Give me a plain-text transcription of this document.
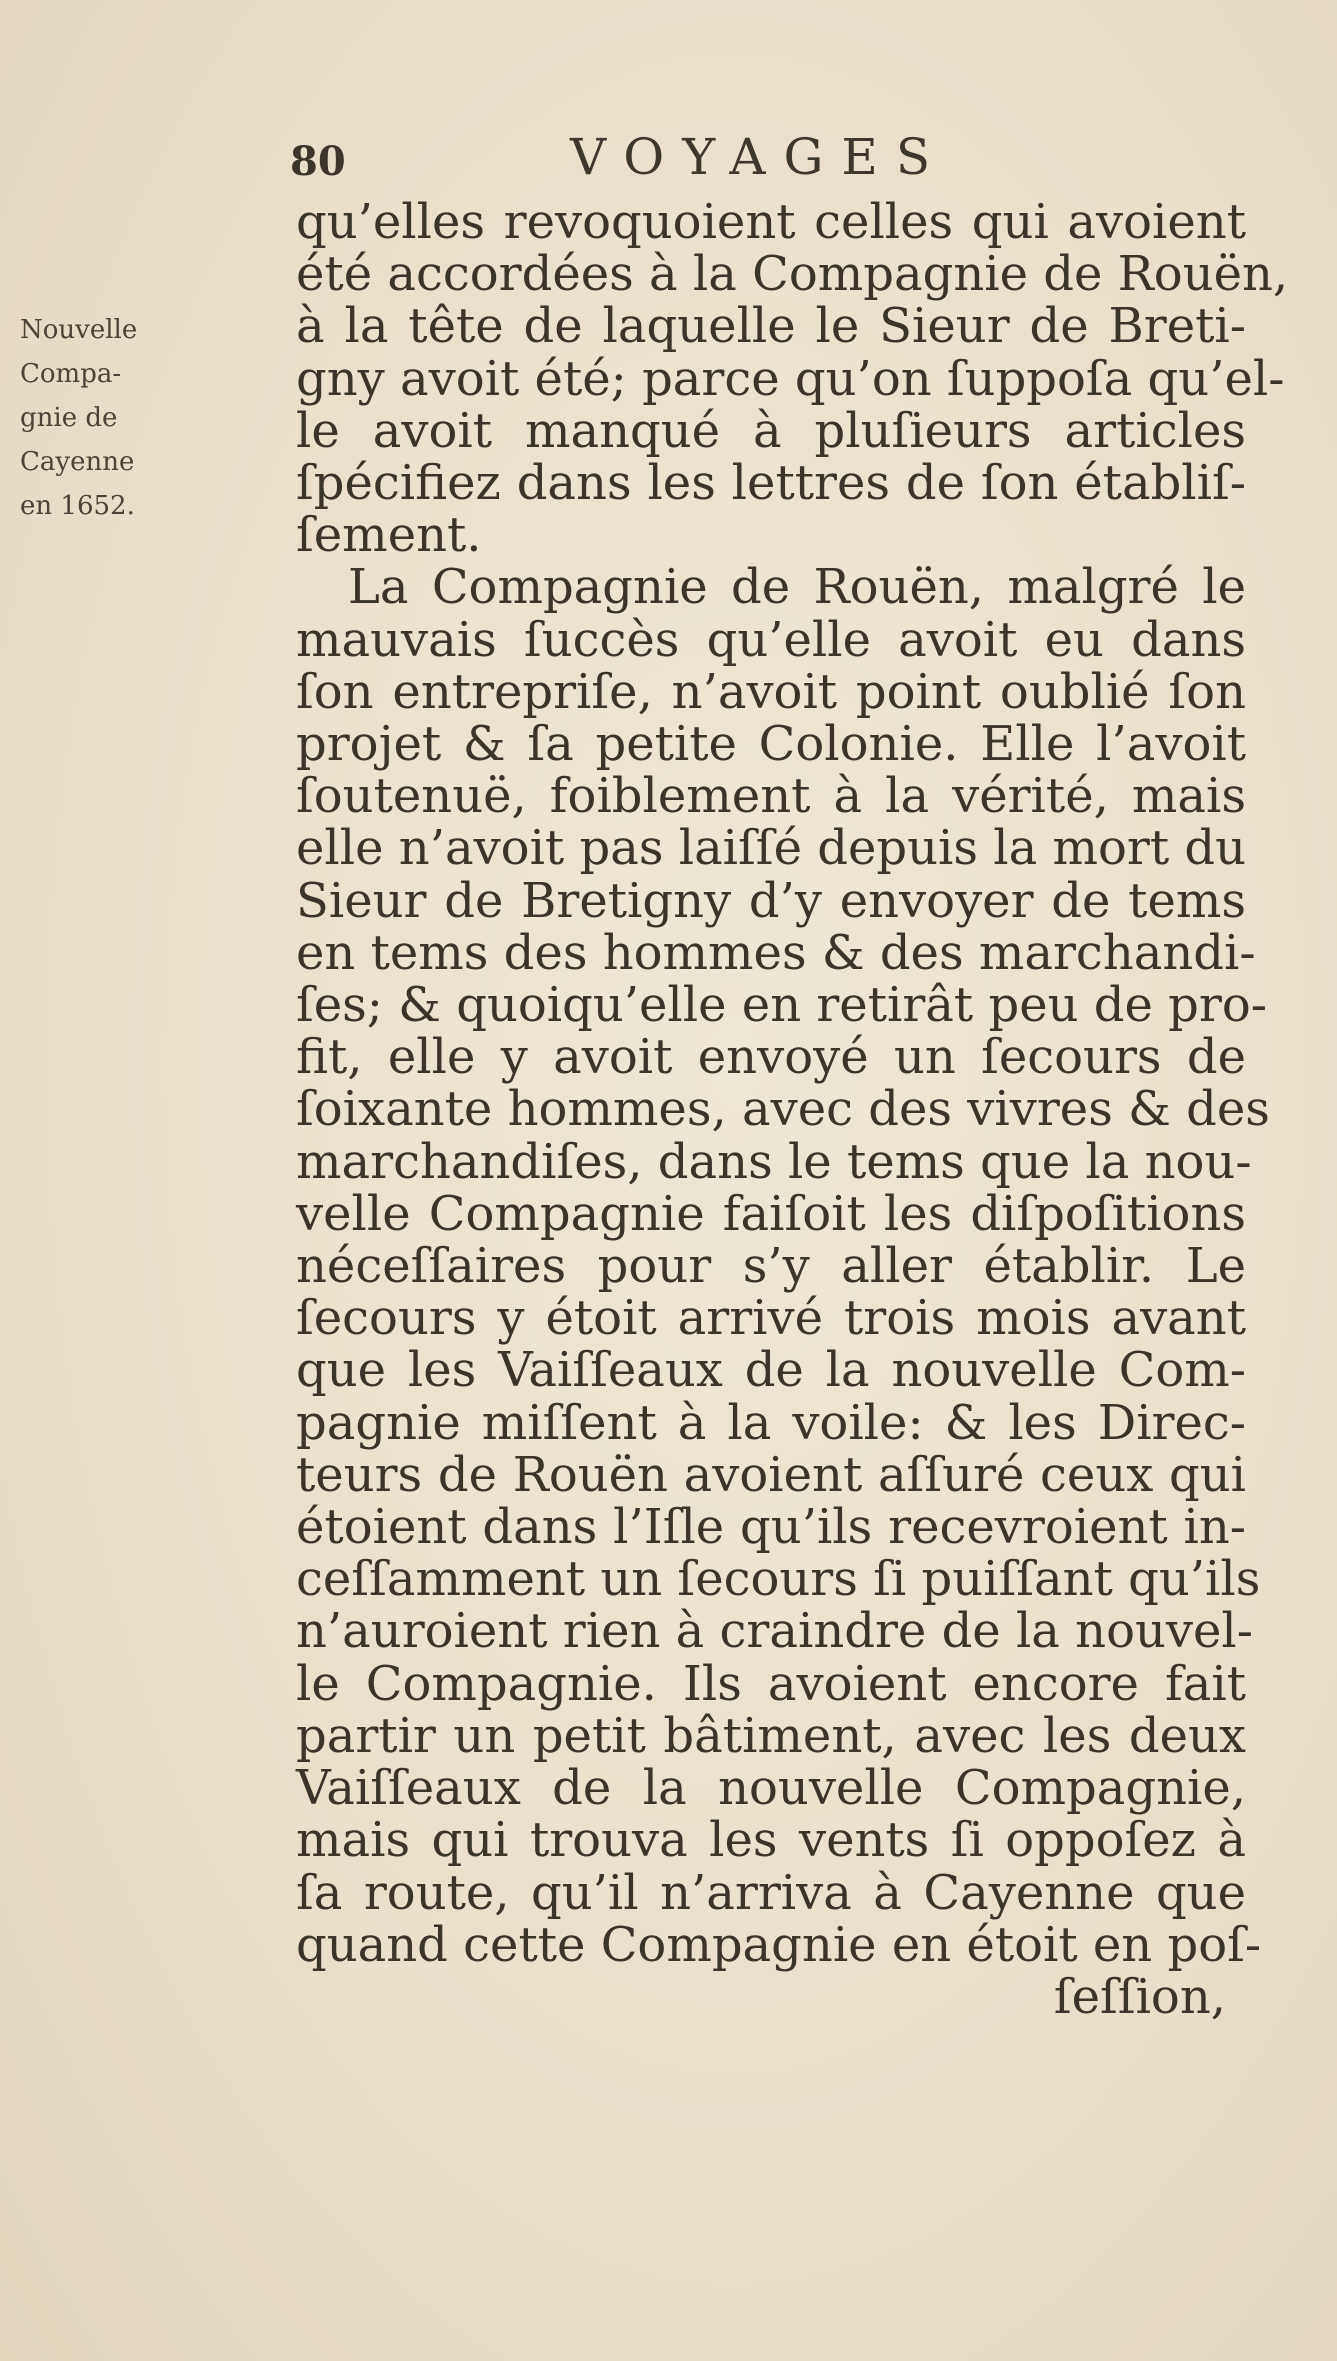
80	VOYAGES
Nouvelle
Compa-
gnie de
Cayenne
en 1652.
qu’elles revoquoient celles qui avoient
été accordées à la Compagnie de Rouën,
à la tête de laquelle le Sieur de Breti-
gny avoit été; parce qu’on ſuppoſa qu’el-
le avoit manqué à pluſieurs articles
ſpécifiez dans les lettres de ſon établiſ-
ſement.
La Compagnie de Rouën, malgré le
mauvais ſuccès qu’elle avoit eu dans
ſon entrepriſe, n’avoit point oublié ſon
projet & ſa petite Colonie. Elle l’avoit
ſoutenuë, foiblement à la vérité, mais
elle n’avoit pas laiſſé depuis la mort du
Sieur de Bretigny d’y envoyer de tems
en tems des hommes & des marchandi-
ſes; & quoiqu’elle en retirât peu de pro-
fit, elle y avoit envoyé un ſecours de
ſoixante hommes, avec des vivres & des
marchandiſes, dans le tems que la nou-
velle Compagnie faiſoit les diſpoſitions
néceſſaires pour s’y aller établir. Le
ſecours y étoit arrivé trois mois avant
que les Vaiſſeaux de la nouvelle Com-
pagnie miſſent à la voile: & les Direc-
teurs de Rouën avoient aſſuré ceux qui
étoient dans l’Iſle qu’ils recevroient in-
ceſſamment un ſecours ſi puiſſant qu’ils
n’auroient rien à craindre de la nouvel-
le Compagnie. Ils avoient encore fait
partir un petit bâtiment, avec les deux
Vaiſſeaux de la nouvelle Compagnie,
mais qui trouva les vents ſi oppoſez à
ſa route, qu’il n’arriva à Cayenne que
quand cette Compagnie en étoit en poſ-
ſeſſion,
